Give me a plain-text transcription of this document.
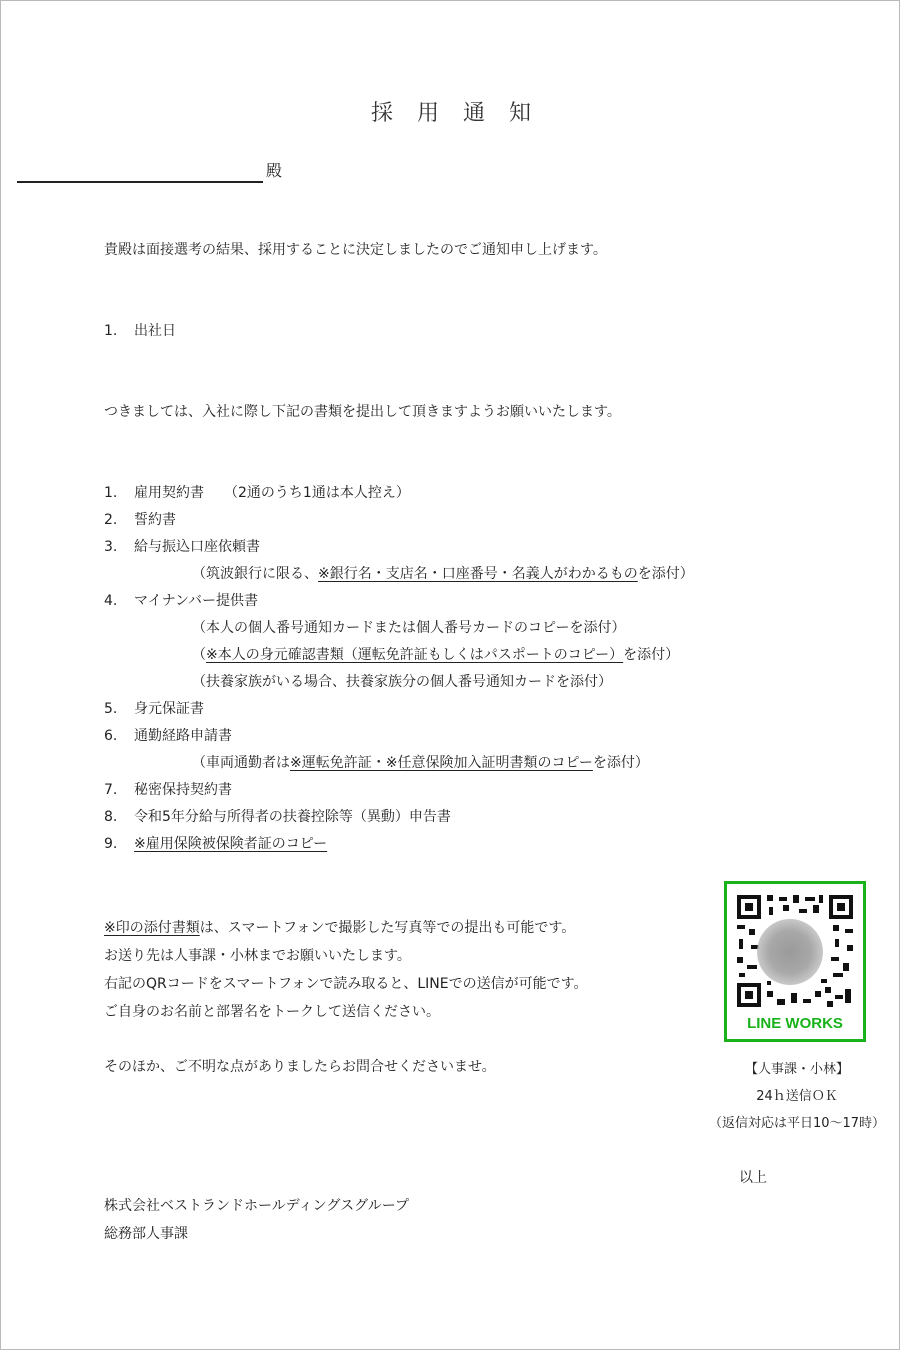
採用通知
殿
貴殿は面接選考の結果、採用することに決定しましたのでご通知申し上げます。
1. 出社日
つきましては、入社に際し下記の書類を提出して頂きますようお願いいたします。
1. 雇用契約書 （2通のうち1通は本人控え）
2. 誓約書
3. 給与振込口座依頼書
（筑波銀行に限る、※銀行名・支店名・口座番号・名義人がわかるものを添付）
4. マイナンバー提供書
（本人の個人番号通知カードまたは個人番号カードのコピーを添付）
（※本人の身元確認書類（運転免許証もしくはパスポートのコピー）を添付）
（扶養家族がいる場合、扶養家族分の個人番号通知カードを添付）
5. 身元保証書
6. 通勤経路申請書
（車両通勤者は※運転免許証・※任意保険加入証明書類のコピーを添付）
7. 秘密保持契約書
8. 令和5年分給与所得者の扶養控除等（異動）申告書
9. ※雇用保険被保険者証のコピー
※印の添付書類は、スマートフォンで撮影した写真等での提出も可能です。
お送り先は人事課・小林までお願いいたします。
右記のQRコードをスマートフォンで読み取ると、LINEでの送信が可能です。
ご自身のお名前と部署名をトークして送信ください。
そのほか、ご不明な点がありましたらお問合せくださいませ。
LINE WORKS
【人事課・小林】
24ｈ送信ＯＫ
（返信対応は平日10～17時）
以上
株式会社ベストランドホールディングスグループ
総務部人事課
